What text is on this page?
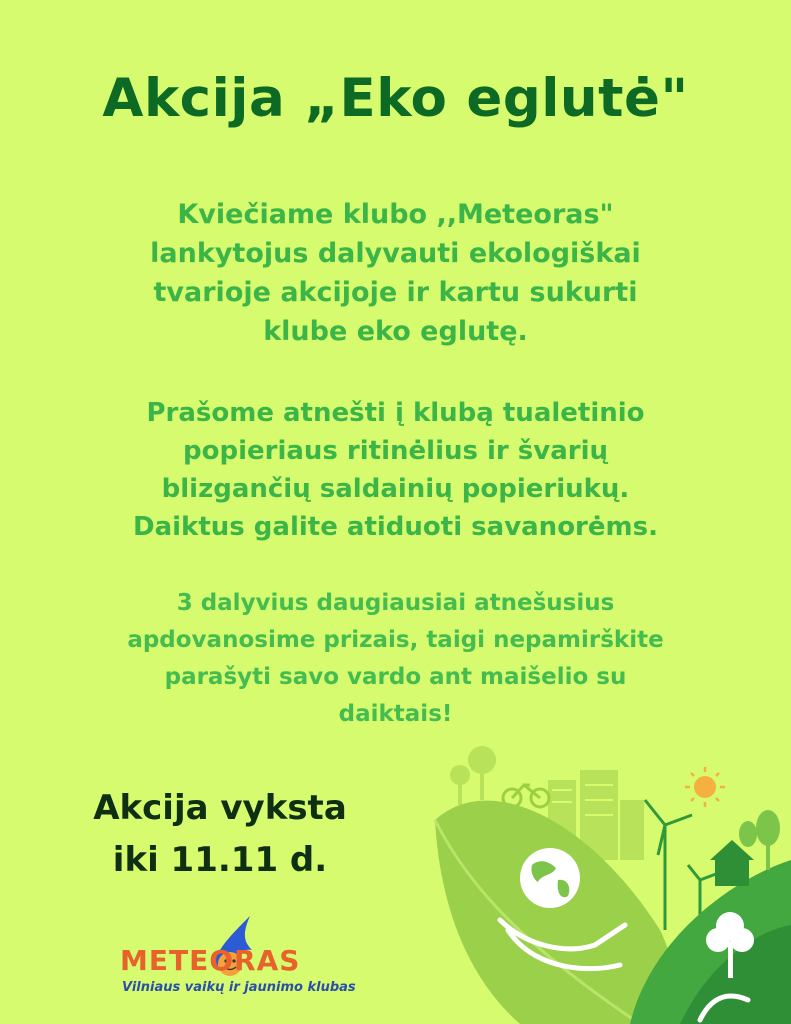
Akcija „Eko eglutė"
Kviečiame klubo ,,Meteoras"
lankytojus dalyvauti ekologiškai
tvarioje akcijoje ir kartu sukurti
klube eko eglutę.
Prašome atnešti į klubą tualetinio
popieriaus ritinėlius ir švarių
blizgančių saldainių popieriukų.
Daiktus galite atiduoti savanorėms.
3 dalyvius daugiausiai atnešusius
apdovanosime prizais, taigi nepamirškite
parašyti savo vardo ant maišelio su
daiktais!
Akcija vyksta
iki 11.11 d.
METEORAS
Vilniaus vaikų ir jaunimo klubas
